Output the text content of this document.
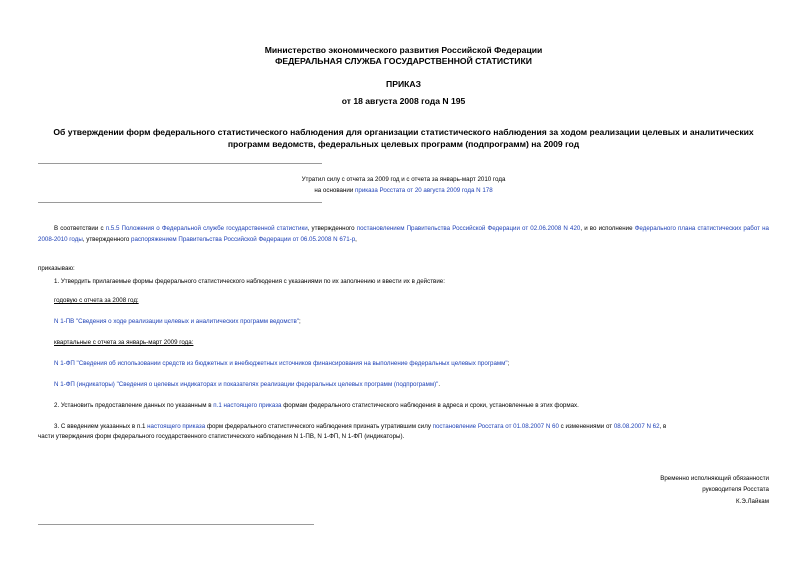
Министерство экономического развития Российской Федерации
ФЕДЕРАЛЬНАЯ СЛУЖБА ГОСУДАРСТВЕННОЙ СТАТИСТИКИ
ПРИКАЗ
от 18 августа 2008 года N 195
Об утверждении форм федерального статистического наблюдения для организации статистического наблюдения за ходом реализации целевых и аналитических
программ ведомств, федеральных целевых программ (подпрограмм) на 2009 год
Утратил силу с отчета за 2009 год и с отчета за январь-март 2010 года
на основании приказа Росстата от 20 августа 2009 года N 178
В соответствии с п.5.5 Положения о Федеральной службе государственной статистики, утвержденного постановлением Правительства Российской Федерации от 02.06.2008 N 420, и во исполнение Федерального плана статистических работ на 2008-2010 годы, утвержденного распоряжением Правительства Российской Федерации от 06.05.2008 N 671-р,
приказываю:
1. Утвердить прилагаемые формы федерального статистического наблюдения с указаниями по их заполнению и ввести их в действие:
годовую с отчета за 2008 год:
N 1-ПВ "Сведения о ходе реализации целевых и аналитических программ ведомств";
квартальные с отчета за январь-март 2009 года:
N 1-ФП "Сведения об использовании средств из бюджетных и внебюджетных источников финансирования на выполнение федеральных целевых программ";
N 1-ФП (индикаторы) "Сведения о целевых индикаторах и показателях реализации федеральных целевых программ (подпрограмм)".
2. Установить предоставление данных по указанным в п.1 настоящего приказа формам федерального статистического наблюдения в адреса и сроки, установленные в этих формах.
3. С введением указанных в п.1 настоящего приказа форм федерального статистического наблюдения признать утратившим силу постановление Росстата от 01.08.2007 N 60 с изменениями от 08.08.2007 N 62, в
части утверждения форм федерального государственного статистического наблюдения N 1-ПВ, N 1-ФП, N 1-ФП (индикаторы).
Временно исполняющий обязанности
руководителя Росстата
К.Э.Лайкам
